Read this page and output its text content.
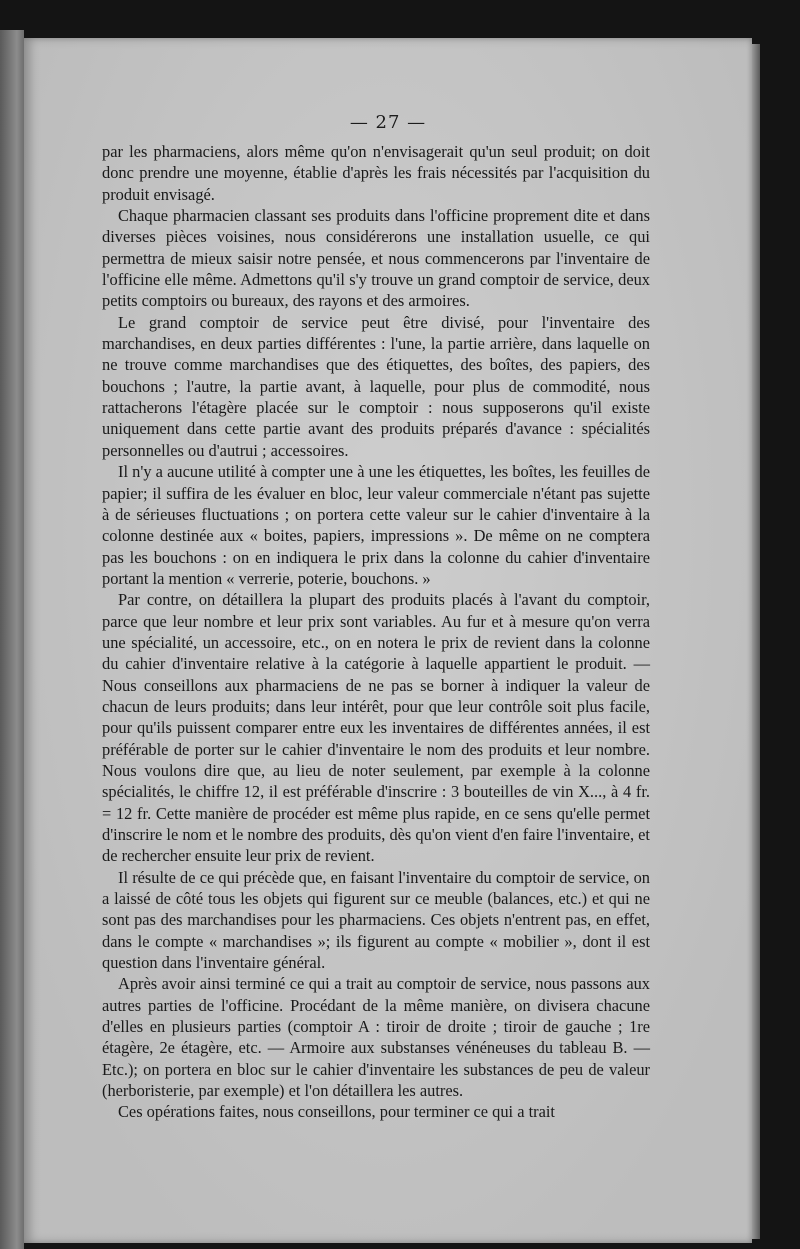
— 27 —

par les pharmaciens, alors même qu'on n'envisagerait qu'un seul produit; on doit donc prendre une moyenne, établie d'après les frais nécessités par l'acquisition du produit envisagé.

Chaque pharmacien classant ses produits dans l'officine proprement dite et dans diverses pièces voisines, nous considérerons une installation usuelle, ce qui permettra de mieux saisir notre pensée, et nous commencerons par l'inventaire de l'officine elle même. Admettons qu'il s'y trouve un grand comptoir de service, deux petits comptoirs ou bureaux, des rayons et des armoires.

Le grand comptoir de service peut être divisé, pour l'inventaire des marchandises, en deux parties différentes : l'une, la partie arrière, dans laquelle on ne trouve comme marchandises que des étiquettes, des boîtes, des papiers, des bouchons ; l'autre, la partie avant, à laquelle, pour plus de commodité, nous rattacherons l'étagère placée sur le comptoir : nous supposerons qu'il existe uniquement dans cette partie avant des produits préparés d'avance : spécialités personnelles ou d'autrui ; accessoires.

Il n'y a aucune utilité à compter une à une les étiquettes, les boîtes, les feuilles de papier; il suffira de les évaluer en bloc, leur valeur commerciale n'étant pas sujette à de sérieuses fluctuations ; on portera cette valeur sur le cahier d'inventaire à la colonne destinée aux « boites, papiers, impressions ». De même on ne comptera pas les bouchons : on en indiquera le prix dans la colonne du cahier d'inventaire portant la mention « verrerie, poterie, bouchons. »

Par contre, on détaillera la plupart des produits placés à l'avant du comptoir, parce que leur nombre et leur prix sont variables. Au fur et à mesure qu'on verra une spécialité, un accessoire, etc., on en notera le prix de revient dans la colonne du cahier d'inventaire relative à la catégorie à laquelle appartient le produit. — Nous conseillons aux pharmaciens de ne pas se borner à indiquer la valeur de chacun de leurs produits; dans leur intérêt, pour que leur contrôle soit plus facile, pour qu'ils puissent comparer entre eux les inventaires de différentes années, il est préférable de porter sur le cahier d'inventaire le nom des produits et leur nombre. Nous voulons dire que, au lieu de noter seulement, par exemple à la colonne spécialités, le chiffre 12, il est préférable d'inscrire : 3 bouteilles de vin X..., à 4 fr. = 12 fr. Cette manière de procéder est même plus rapide, en ce sens qu'elle permet d'inscrire le nom et le nombre des produits, dès qu'on vient d'en faire l'inventaire, et de rechercher ensuite leur prix de revient.

Il résulte de ce qui précède que, en faisant l'inventaire du comptoir de service, on a laissé de côté tous les objets qui figurent sur ce meuble (balances, etc.) et qui ne sont pas des marchandises pour les pharmaciens. Ces objets n'entrent pas, en effet, dans le compte « marchandises »; ils figurent au compte « mobilier », dont il est question dans l'inventaire général.

Après avoir ainsi terminé ce qui a trait au comptoir de service, nous passons aux autres parties de l'officine. Procédant de la même manière, on divisera chacune d'elles en plusieurs parties (comptoir A : tiroir de droite ; tiroir de gauche ; 1re étagère, 2e étagère, etc. — Armoire aux substanses vénéneuses du tableau B. — Etc.); on portera en bloc sur le cahier d'inventaire les substances de peu de valeur (herboristerie, par exemple) et l'on détaillera les autres.

Ces opérations faites, nous conseillons, pour terminer ce qui a trait
